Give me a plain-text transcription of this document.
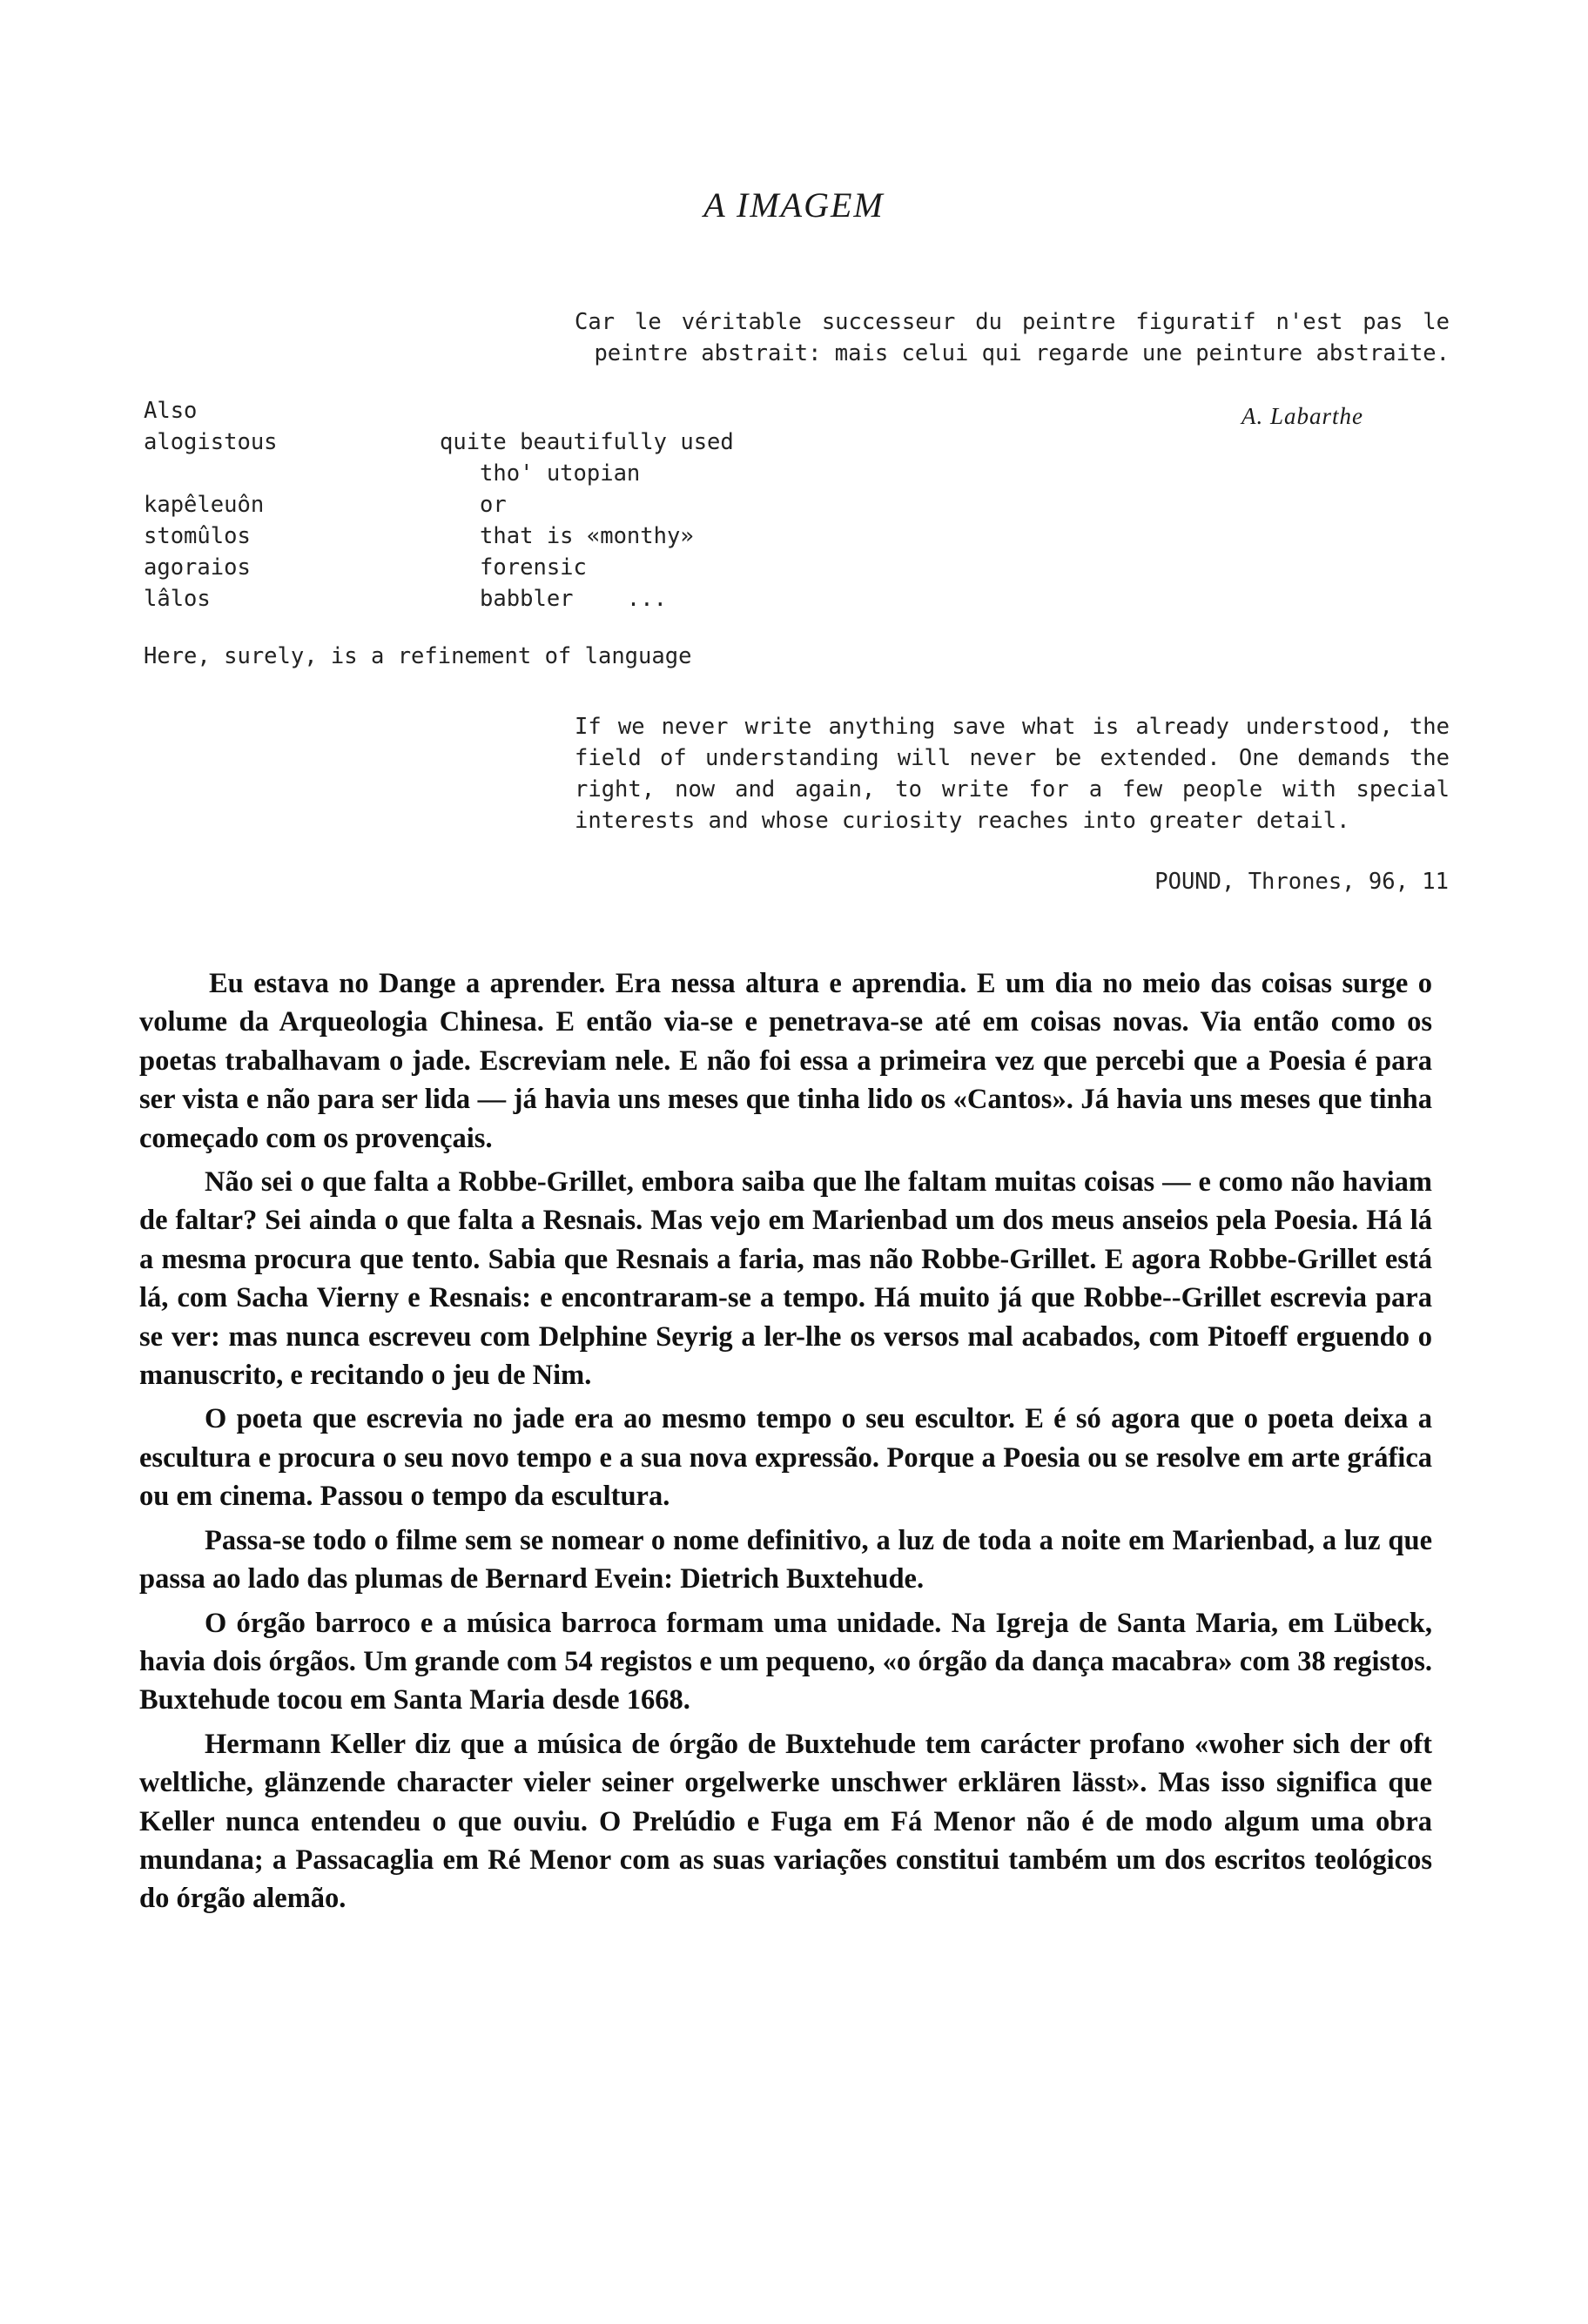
A IMAGEM

Car le véritable successeur du peintre figuratif n'est pas le peintre abstrait: mais celui qui regarde une peinture abstraite.

A. Labarthe
Also
alogistous	quite beautifully used
tho' utopian
kapêleuôn	or
stomûlos	that is «monthy»
agoraios	forensic
lâlos	babbler    ...
Here, surely, is a refinement of language

If we never write anything save what is already understood, the field of understanding will never be extended. One demands the right, now and again, to write for a few people with special interests and whose curiosity reaches into greater detail.

POUND, Thrones, 96, 11

Eu estava no Dange a aprender. Era nessa altura e aprendia. E um dia no meio das coisas surge o volume da Arqueologia Chinesa. E então via-se e penetrava-se até em coisas novas. Via então como os poetas trabalhavam o jade. Escreviam nele. E não foi essa a primeira vez que percebi que a Poesia é para ser vista e não para ser lida — já havia uns meses que tinha lido os «Cantos». Já havia uns meses que tinha começado com os provençais.

Não sei o que falta a Robbe-Grillet, embora saiba que lhe faltam muitas coisas — e como não haviam de faltar? Sei ainda o que falta a Resnais. Mas vejo em Marienbad um dos meus anseios pela Poesia. Há lá a mesma procura que tento. Sabia que Resnais a faria, mas não Robbe-Grillet. E agora Robbe-Grillet está lá, com Sacha Vierny e Resnais: e encontraram-se a tempo. Há muito já que Robbe--Grillet escrevia para se ver: mas nunca escreveu com Delphine Seyrig a ler-lhe os versos mal acabados, com Pitoeff erguendo o manuscrito, e recitando o jeu de Nim.

O poeta que escrevia no jade era ao mesmo tempo o seu escultor. E é só agora que o poeta deixa a escultura e procura o seu novo tempo e a sua nova expressão. Porque a Poesia ou se resolve em arte gráfica ou em cinema. Passou o tempo da escultura.

Passa-se todo o filme sem se nomear o nome definitivo, a luz de toda a noite em Marienbad, a luz que passa ao lado das plumas de Bernard Evein: Dietrich Buxtehude.

O órgão barroco e a música barroca formam uma unidade. Na Igreja de Santa Maria, em Lübeck, havia dois órgãos. Um grande com 54 registos e um pequeno, «o órgão da dança macabra» com 38 registos. Buxtehude tocou em Santa Maria desde 1668.

Hermann Keller diz que a música de órgão de Buxtehude tem carácter profano «woher sich der oft weltliche, glänzende character vieler seiner orgelwerke unschwer erklären lässt». Mas isso significa que Keller nunca entendeu o que ouviu. O Prelúdio e Fuga em Fá Menor não é de modo algum uma obra mundana; a Passacaglia em Ré Menor com as suas variações constitui também um dos escritos teológicos do órgão alemão.
